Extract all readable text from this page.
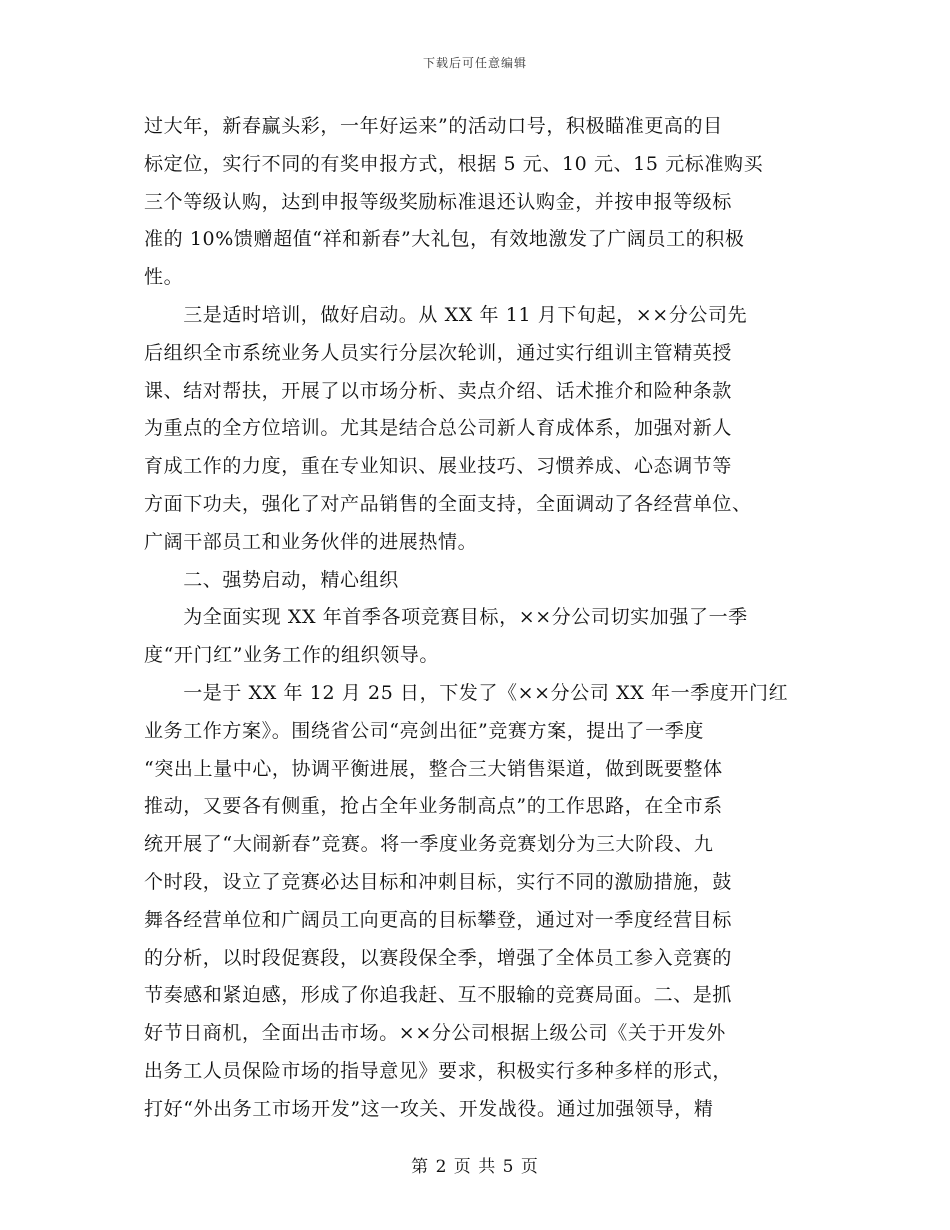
下载后可任意编辑
过大年，新春赢头彩，一年好运来”的活动口号，积极瞄准更高的目
标定位，实行不同的有奖申报方式，根据 5 元、10 元、15 元标准购买
三个等级认购，达到申报等级奖励标准退还认购金，并按申报等级标
准的 10%馈赠超值“祥和新春”大礼包，有效地激发了广阔员工的积极
性。
　　三是适时培训，做好启动。从 XX 年 11 月下旬起，××分公司先
后组织全市系统业务人员实行分层次轮训，通过实行组训主管精英授
课、结对帮扶，开展了以市场分析、卖点介绍、话术推介和险种条款
为重点的全方位培训。尤其是结合总公司新人育成体系，加强对新人
育成工作的力度，重在专业知识、展业技巧、习惯养成、心态调节等
方面下功夫，强化了对产品销售的全面支持，全面调动了各经营单位、
广阔干部员工和业务伙伴的进展热情。
　　二、强势启动，精心组织
　　为全面实现 XX 年首季各项竞赛目标，××分公司切实加强了一季
度“开门红”业务工作的组织领导。
　　一是于 XX 年 12 月 25 日，下发了《××分公司 XX 年一季度开门红
业务工作方案》。围绕省公司“亮剑出征”竞赛方案，提出了一季度
“突出上量中心，协调平衡进展，整合三大销售渠道，做到既要整体
推动，又要各有侧重，抢占全年业务制高点”的工作思路，在全市系
统开展了“大闹新春”竞赛。将一季度业务竞赛划分为三大阶段、九
个时段，设立了竞赛必达目标和冲刺目标，实行不同的激励措施，鼓
舞各经营单位和广阔员工向更高的目标攀登，通过对一季度经营目标
的分析，以时段促赛段，以赛段保全季，增强了全体员工参入竞赛的
节奏感和紧迫感，形成了你追我赶、互不服输的竞赛局面。二、是抓
好节日商机，全面出击市场。××分公司根据上级公司《关于开发外
出务工人员保险市场的指导意见》要求，积极实行多种多样的形式，
打好“外出务工市场开发”这一攻关、开发战役。通过加强领导，精
第 2 页 共 5 页
